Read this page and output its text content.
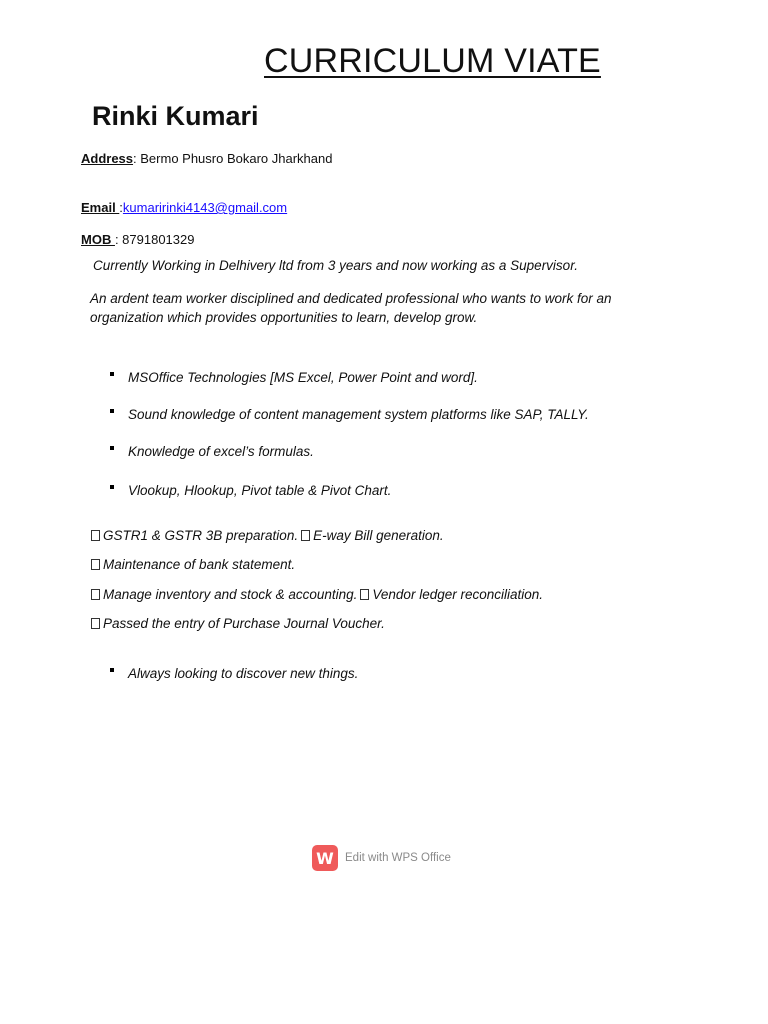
CURRICULUM VIATE
Rinki Kumari
Address: Bermo Phusro Bokaro Jharkhand
Email :kumaririnki4143@gmail.com
MOB : 8791801329
Currently Working in Delhivery ltd from 3 years and now working as a Supervisor.
An ardent team worker disciplined and dedicated professional who wants to work for an organization which provides opportunities to learn, develop grow.
MSOffice Technologies [MS Excel, Power Point and word].
Sound knowledge of content management system platforms like SAP, TALLY.
Knowledge of excel’s formulas.
Vlookup, Hlookup, Pivot table & Pivot Chart.
GSTR1 & GSTR 3B preparation. E-way Bill generation.
Maintenance of bank statement.
Manage inventory and stock & accounting. Vendor ledger reconciliation.
Passed the entry of Purchase Journal Voucher.
Always looking to discover new things.
W Edit with WPS Office
